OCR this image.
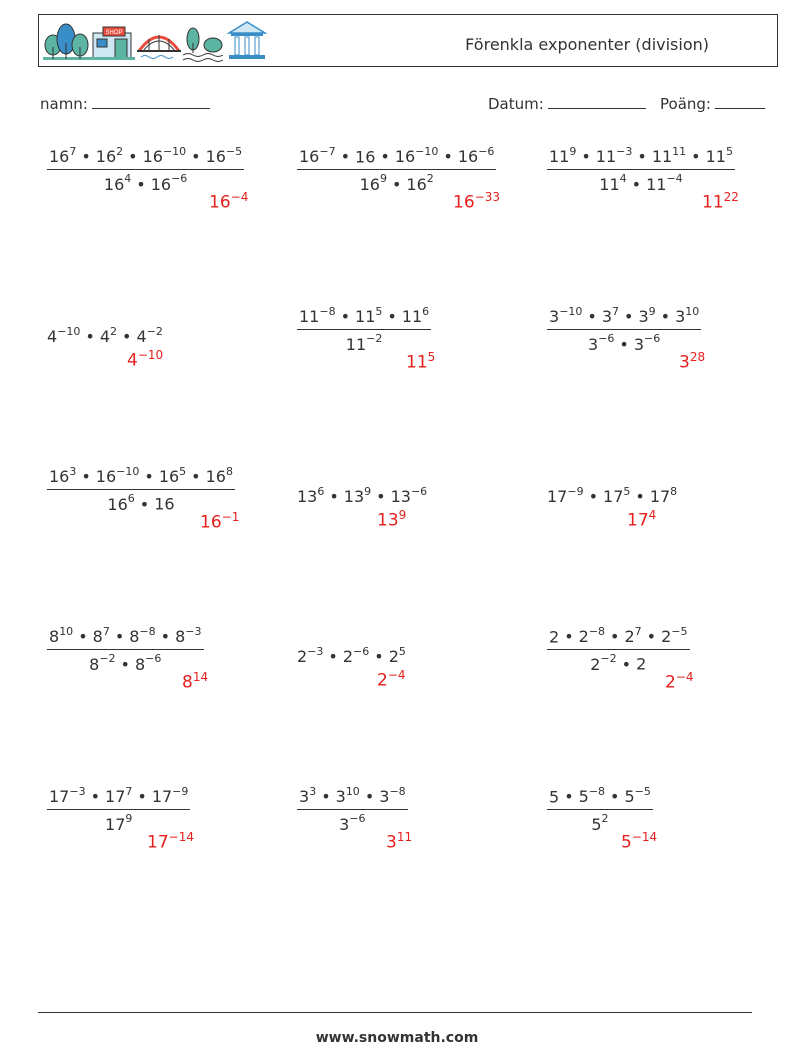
SHOP
Förenkla exponenter (division)
namn:	Datum:	Poäng:
$\frac{16^7 • 16^2 • 16^{-10} • 16^{-5}}{16^4 • 16^{-6}}$
$16^{-4}$
$\frac{16^{-7} • 16 • 16^{-10} • 16^{-6}}{16^9 • 16^2}$
$16^{-33}$
$\frac{11^9 • 11^{-3} • 11^{11} • 11^5}{11^4 • 11^{-4}}$
$11^{22}$
$4^{-10}$ • $4^2$ • $4^{-2}$
$4^{-10}$
$\frac{11^{-8} • 11^5 • 11^6}{11^{-2}}$
$11^5$
$\frac{3^{-10} • 3^7 • 3^9 • 3^{10}}{3^{-6} • 3^{-6}}$
$3^{28}$
$\frac{16^3 • 16^{-10} • 16^5 • 16^8}{16^6 • 16}$
$16^{-1}$
$13^6$ • $13^9$ • $13^{-6}$
$13^9$
$17^{-9}$ • $17^5$ • $17^8$
$17^4$
$\frac{8^{10} • 8^7 • 8^{-8} • 8^{-3}}{8^{-2} • 8^{-6}}$
$8^{14}$
$2^{-3}$ • $2^{-6}$ • $2^5$
$2^{-4}$
$\frac{2 • 2^{-8} • 2^7 • 2^{-5}}{2^{-2} • 2}$
$2^{-4}$
$\frac{17^{-3} • 17^7 • 17^{-9}}{17^9}$
$17^{-14}$
$\frac{3^3 • 3^{10} • 3^{-8}}{3^{-6}}$
$3^{11}$
$\frac{5 • 5^{-8} • 5^{-5}}{5^2}$
$5^{-14}$
www.snowmath.com
